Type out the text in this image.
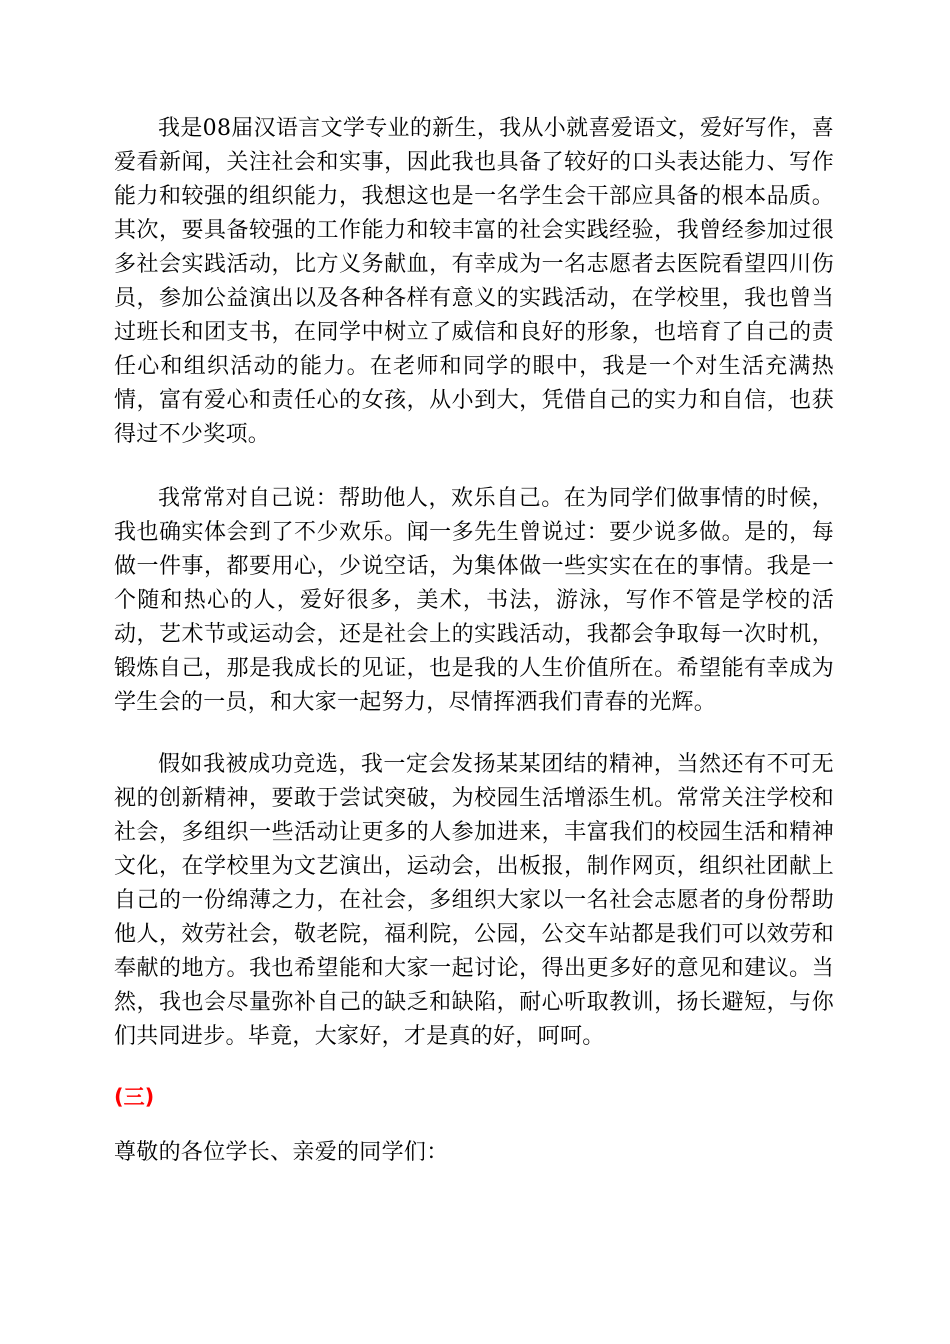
我是08届汉语言文学专业的新生，我从小就喜爱语文，爱好写作，喜爱看新闻，关注社会和实事，因此我也具备了较好的口头表达能力、写作能力和较强的组织能力，我想这也是一名学生会干部应具备的根本品质。其次，要具备较强的工作能力和较丰富的社会实践经验，我曾经参加过很多社会实践活动，比方义务献血，有幸成为一名志愿者去医院看望四川伤员，参加公益演出以及各种各样有意义的实践活动，在学校里，我也曾当过班长和团支书，在同学中树立了威信和良好的形象，也培育了自己的责任心和组织活动的能力。在老师和同学的眼中，我是一个对生活充满热情，富有爱心和责任心的女孩，从小到大，凭借自己的实力和自信，也获得过不少奖项。

我常常对自己说：帮助他人，欢乐自己。在为同学们做事情的时候，我也确实体会到了不少欢乐。闻一多先生曾说过：要少说多做。是的，每做一件事，都要用心，少说空话，为集体做一些实实在在的事情。我是一个随和热心的人，爱好很多，美术，书法，游泳，写作不管是学校的活动，艺术节或运动会，还是社会上的实践活动，我都会争取每一次时机，锻炼自己，那是我成长的见证，也是我的人生价值所在。希望能有幸成为学生会的一员，和大家一起努力，尽情挥洒我们青春的光辉。

假如我被成功竞选，我一定会发扬某某团结的精神，当然还有不可无视的创新精神，要敢于尝试突破，为校园生活增添生机。常常关注学校和社会，多组织一些活动让更多的人参加进来，丰富我们的校园生活和精神文化，在学校里为文艺演出，运动会，出板报，制作网页，组织社团献上自己的一份绵薄之力，在社会，多组织大家以一名社会志愿者的身份帮助他人，效劳社会，敬老院，福利院，公园，公交车站都是我们可以效劳和奉献的地方。我也希望能和大家一起讨论，得出更多好的意见和建议。当然，我也会尽量弥补自己的缺乏和缺陷，耐心听取教训，扬长避短，与你们共同进步。毕竟，大家好，才是真的好，呵呵。

(三)

尊敬的各位学长、亲爱的同学们：
